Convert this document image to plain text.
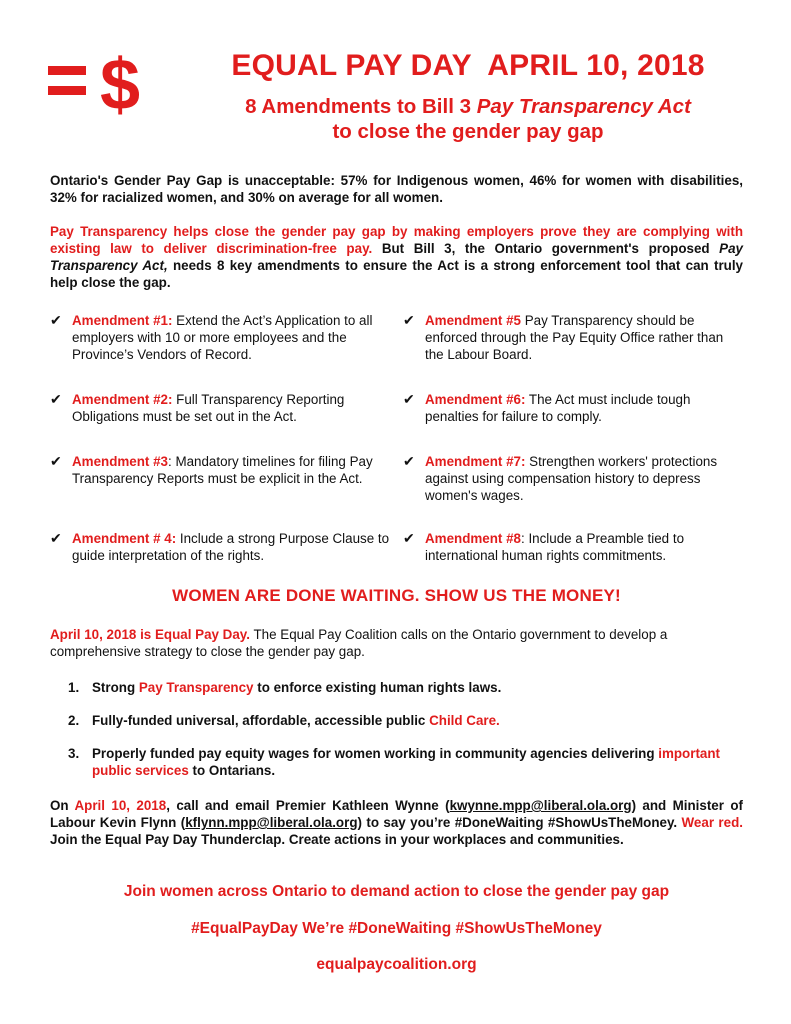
$	EQUAL PAY DAY  APRIL 10, 2018
8 Amendments to Bill 3 Pay Transparency Act
to close the gender pay gap
Ontario's Gender Pay Gap is unacceptable: 57% for Indigenous women, 46% for women with disabilities, 32% for racialized women, and 30% on average for all women.
Pay Transparency helps close the gender pay gap by making employers prove they are complying with existing law to deliver discrimination-free pay. But Bill 3, the Ontario government's proposed Pay Transparency Act, needs 8 key amendments to ensure the Act is a strong enforcement tool that can truly help close the gap.
✔ Amendment #1: Extend the Act’s Application to all employers with 10 or more employees and the Province’s Vendors of Record.
✔ Amendment #2: Full Transparency Reporting Obligations must be set out in the Act.
✔ Amendment #3: Mandatory timelines for filing Pay Transparency Reports must be explicit in the Act.
✔ Amendment # 4: Include a strong Purpose Clause to guide interpretation of the rights.
✔ Amendment #5 Pay Transparency should be enforced through the Pay Equity Office rather than the Labour Board.
✔ Amendment #6: The Act must include tough penalties for failure to comply.
✔ Amendment #7: Strengthen workers' protections against using compensation history to depress women's wages.
✔ Amendment #8: Include a Preamble tied to international human rights commitments.
WOMEN ARE DONE WAITING. SHOW US THE MONEY!
April 10, 2018 is Equal Pay Day. The Equal Pay Coalition calls on the Ontario government to develop a comprehensive strategy to close the gender pay gap.
1. Strong Pay Transparency to enforce existing human rights laws.
2. Fully-funded universal, affordable, accessible public Child Care.
3. Properly funded pay equity wages for women working in community agencies delivering important public services to Ontarians.
On April 10, 2018, call and email Premier Kathleen Wynne (kwynne.mpp@liberal.ola.org) and Minister of Labour Kevin Flynn (kflynn.mpp@liberal.ola.org) to say you’re #DoneWaiting #ShowUsTheMoney. Wear red. Join the Equal Pay Day Thunderclap. Create actions in your workplaces and communities.
Join women across Ontario to demand action to close the gender pay gap
#EqualPayDay We’re #DoneWaiting #ShowUsTheMoney
equalpaycoalition.org
